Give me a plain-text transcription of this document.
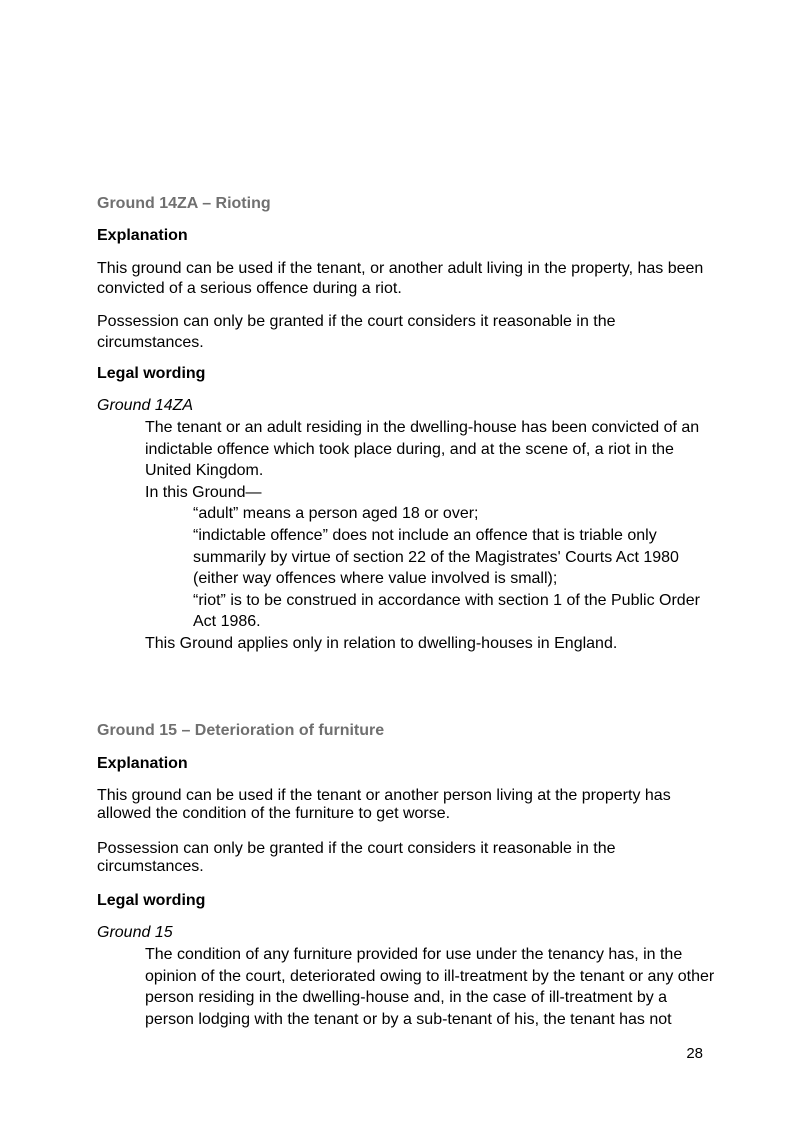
Ground 14ZA – Rioting

Explanation

This ground can be used if the tenant, or another adult living in the property, has been convicted of a serious offence during a riot.

Possession can only be granted if the court considers it reasonable in the circumstances.

Legal wording

Ground 14ZA

The tenant or an adult residing in the dwelling-house has been convicted of an indictable offence which took place during, and at the scene of, a riot in the United Kingdom.

In this Ground—

“adult” means a person aged 18 or over;

“indictable offence” does not include an offence that is triable only summarily by virtue of section 22 of the Magistrates' Courts Act 1980 (either way offences where value involved is small);

“riot” is to be construed in accordance with section 1 of the Public Order Act 1986.

This Ground applies only in relation to dwelling-houses in England.

Ground 15 – Deterioration of furniture

Explanation

This ground can be used if the tenant or another person living at the property has allowed the condition of the furniture to get worse.

Possession can only be granted if the court considers it reasonable in the circumstances.

Legal wording

Ground 15

The condition of any furniture provided for use under the tenancy has, in the opinion of the court, deteriorated owing to ill-treatment by the tenant or any other person residing in the dwelling-house and, in the case of ill-treatment by a person lodging with the tenant or by a sub-tenant of his, the tenant has not

28
